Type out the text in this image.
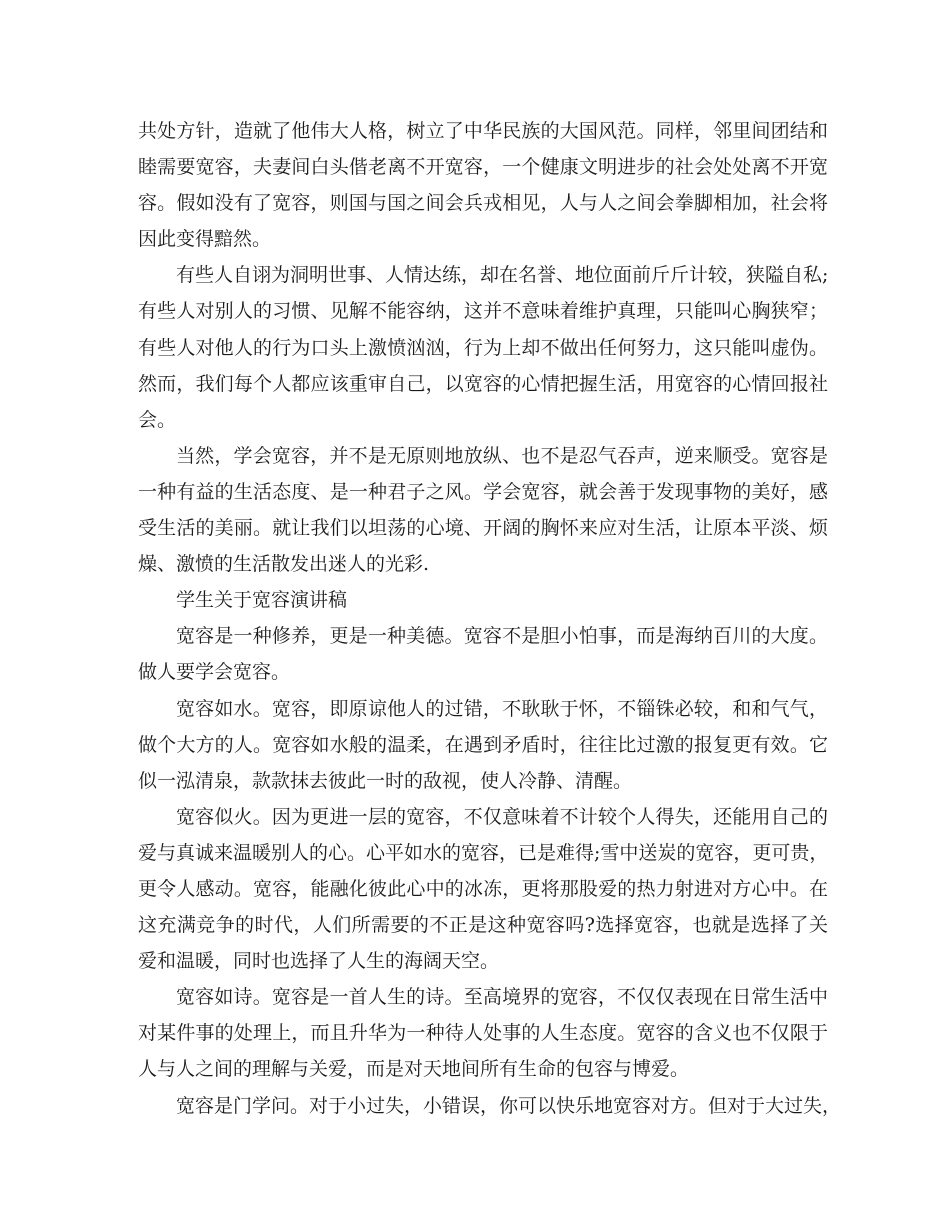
共处方针，造就了他伟大人格，树立了中华民族的大国风范。同样，邻里间团结和
睦需要宽容，夫妻间白头偕老离不开宽容，一个健康文明进步的社会处处离不开宽
容。假如没有了宽容，则国与国之间会兵戎相见，人与人之间会拳脚相加，社会将
因此变得黯然。
有些人自诩为洞明世事、人情达练，却在名誉、地位面前斤斤计较，狭隘自私;
有些人对别人的习惯、见解不能容纳，这并不意味着维护真理，只能叫心胸狭窄；
有些人对他人的行为口头上激愤汹汹，行为上却不做出任何努力，这只能叫虚伪。
然而，我们每个人都应该重审自己，以宽容的心情把握生活，用宽容的心情回报社
会。
当然，学会宽容，并不是无原则地放纵、也不是忍气吞声，逆来顺受。宽容是
一种有益的生活态度、是一种君子之风。学会宽容，就会善于发现事物的美好，感
受生活的美丽。就让我们以坦荡的心境、开阔的胸怀来应对生活，让原本平淡、烦
燥、激愤的生活散发出迷人的光彩.
学生关于宽容演讲稿
宽容是一种修养，更是一种美德。宽容不是胆小怕事，而是海纳百川的大度。
做人要学会宽容。
宽容如水。宽容，即原谅他人的过错，不耿耿于怀，不锱铢必较，和和气气，
做个大方的人。宽容如水般的温柔，在遇到矛盾时，往往比过激的报复更有效。它
似一泓清泉，款款抹去彼此一时的敌视，使人冷静、清醒。
宽容似火。因为更进一层的宽容，不仅意味着不计较个人得失，还能用自己的
爱与真诚来温暖别人的心。心平如水的宽容，已是难得;雪中送炭的宽容，更可贵，
更令人感动。宽容，能融化彼此心中的冰冻，更将那股爱的热力射进对方心中。在
这充满竞争的时代，人们所需要的不正是这种宽容吗?选择宽容，也就是选择了关
爱和温暖，同时也选择了人生的海阔天空。
宽容如诗。宽容是一首人生的诗。至高境界的宽容，不仅仅表现在日常生活中
对某件事的处理上，而且升华为一种待人处事的人生态度。宽容的含义也不仅限于
人与人之间的理解与关爱，而是对天地间所有生命的包容与博爱。
宽容是门学问。对于小过失，小错误，你可以快乐地宽容对方。但对于大过失，
